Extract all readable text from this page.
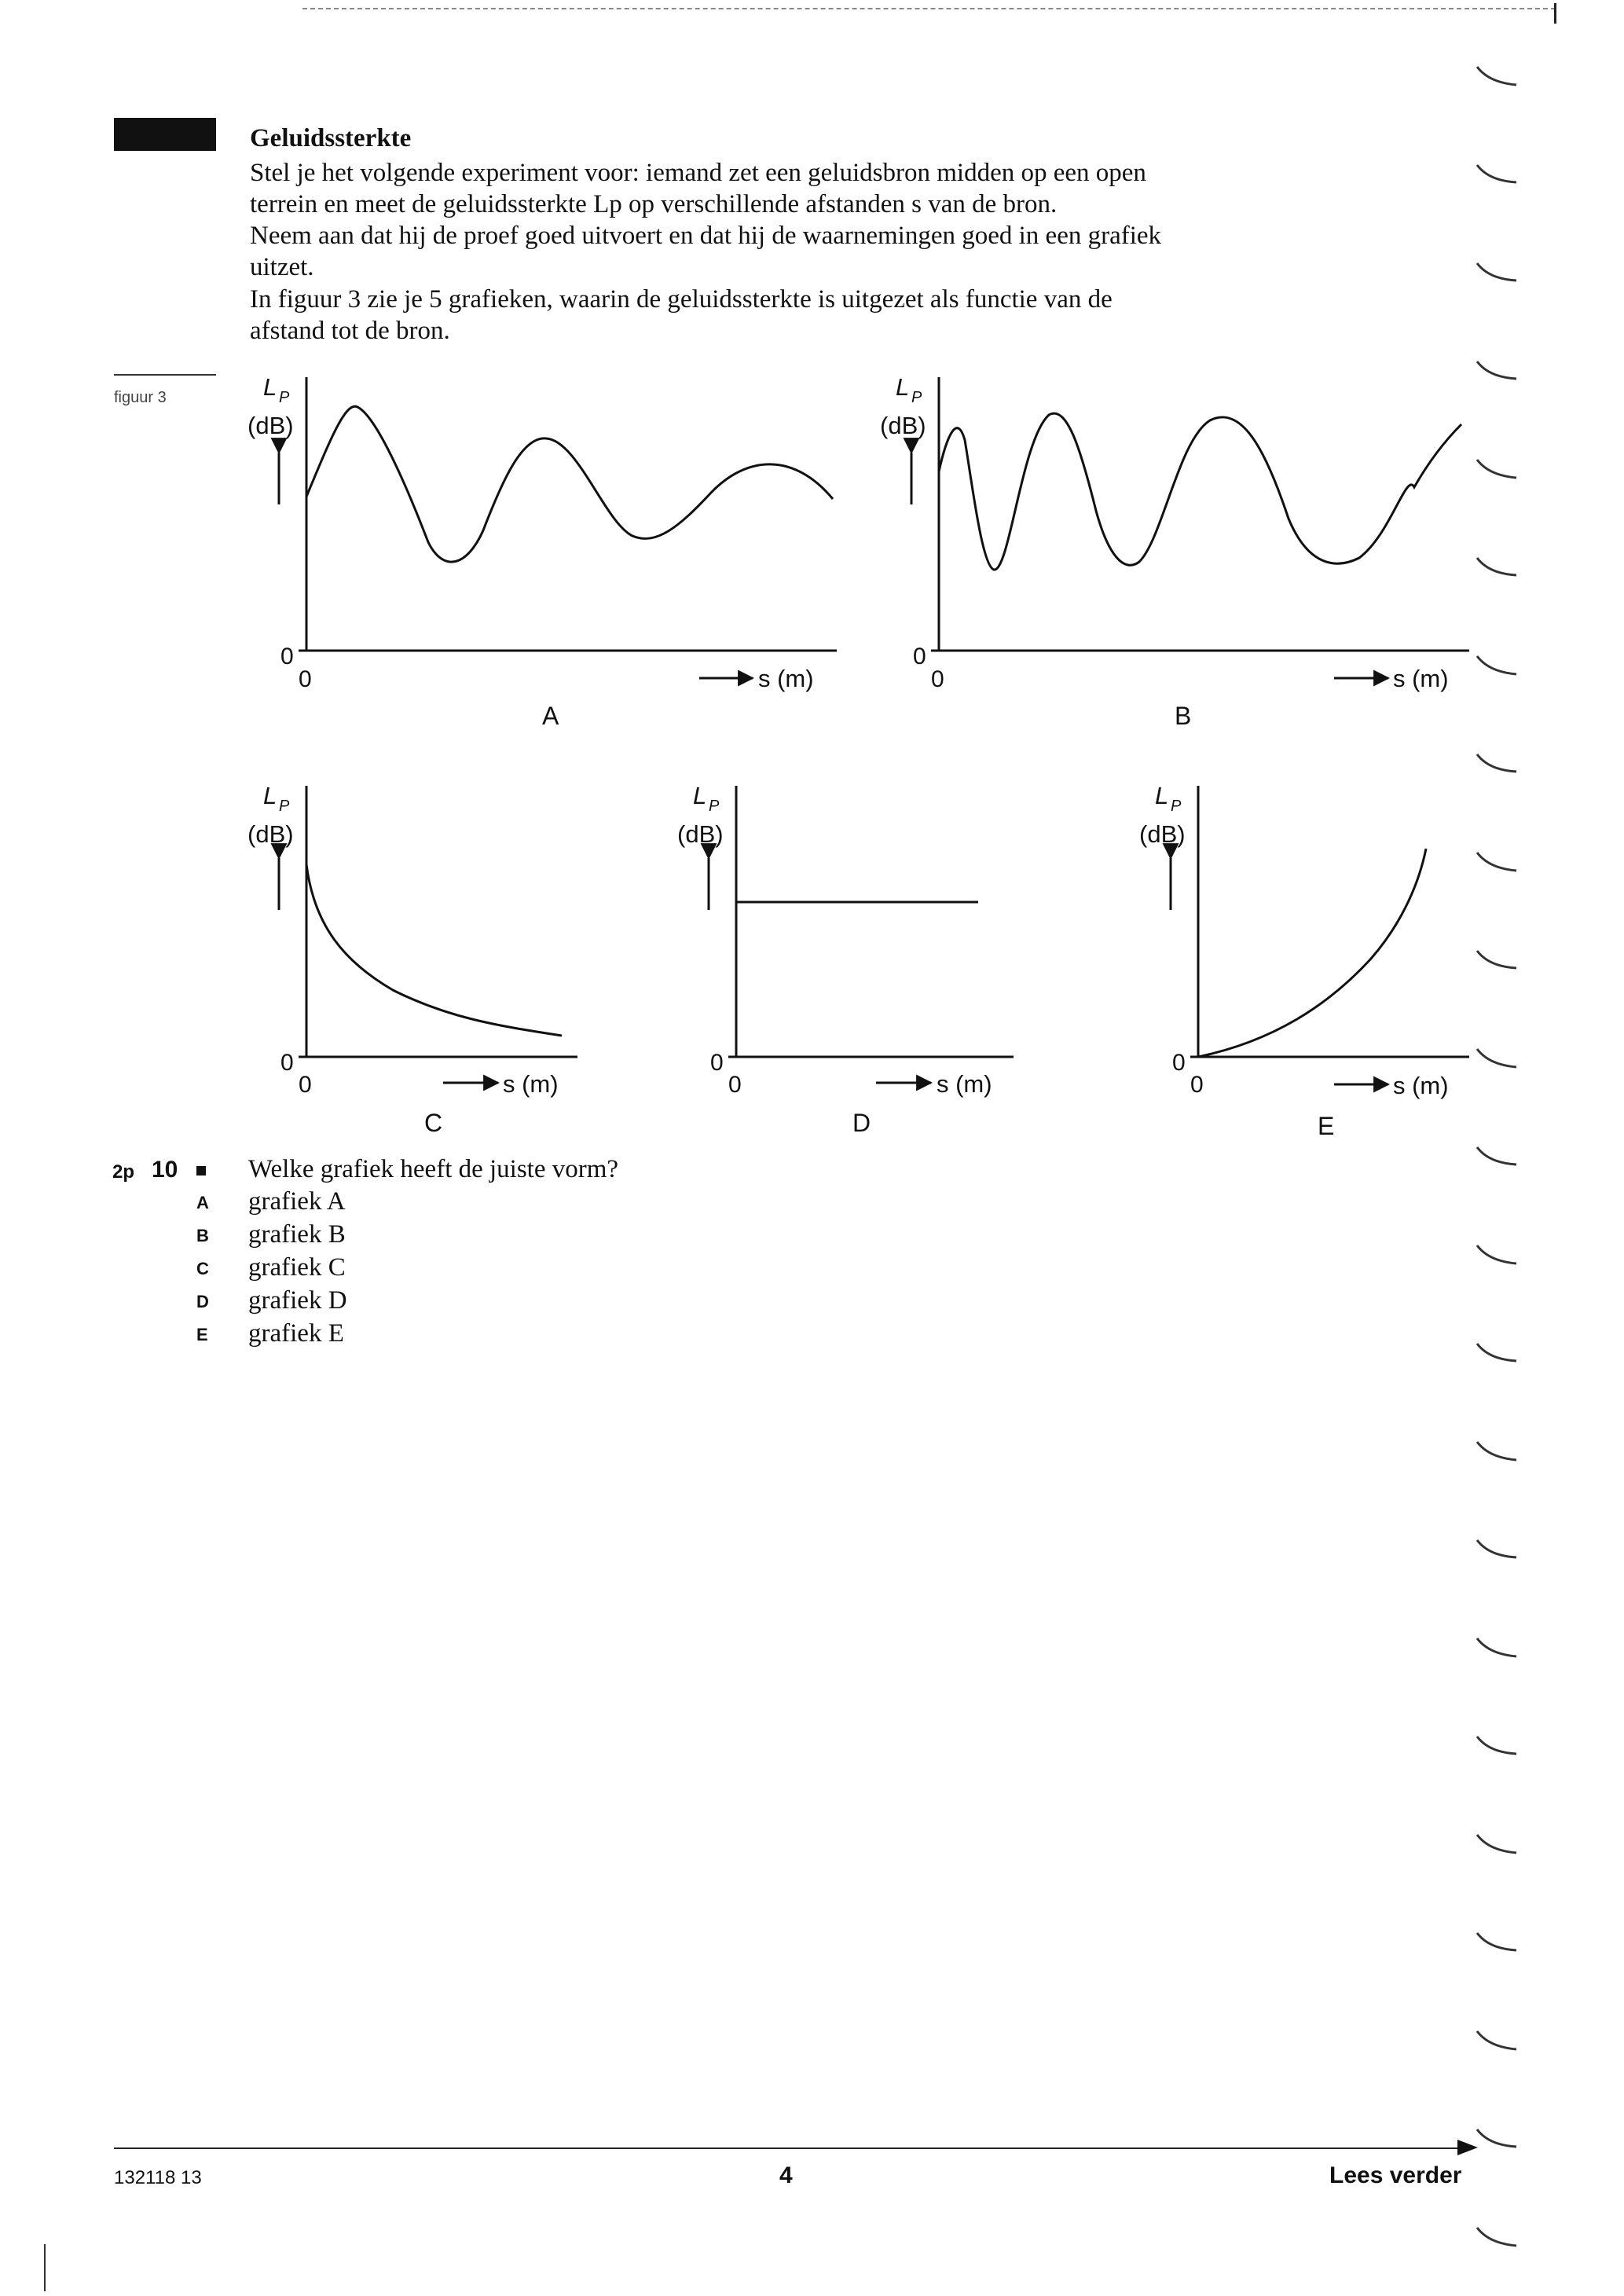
Geluidssterkte
Stel je het volgende experiment voor: iemand zet een geluidsbron midden op een open
terrein en meet de geluidssterkte Lp op verschillende afstanden s van de bron.
Neem aan dat hij de proef goed uitvoert en dat hij de waarnemingen goed in een grafiek
uitzet.
In figuur 3 zie je 5 grafieken, waarin de geluidssterkte is uitgezet als functie van de
afstand tot de bron.
figuur 3	L P
(dB)
0
0	s (m)
A
L P
(dB)
0
0	s (m)
B
L P
(dB)
0
0	s (m)
C
L P
(dB)
0
0	s (m)
D
L P
(dB)
0
0	s (m)
E
2p 10	Welke grafiek heeft de juiste vorm?
A grafiek A
B grafiek B
C grafiek C
D grafiek D
E grafiek E
132118 13	4	Lees verder
